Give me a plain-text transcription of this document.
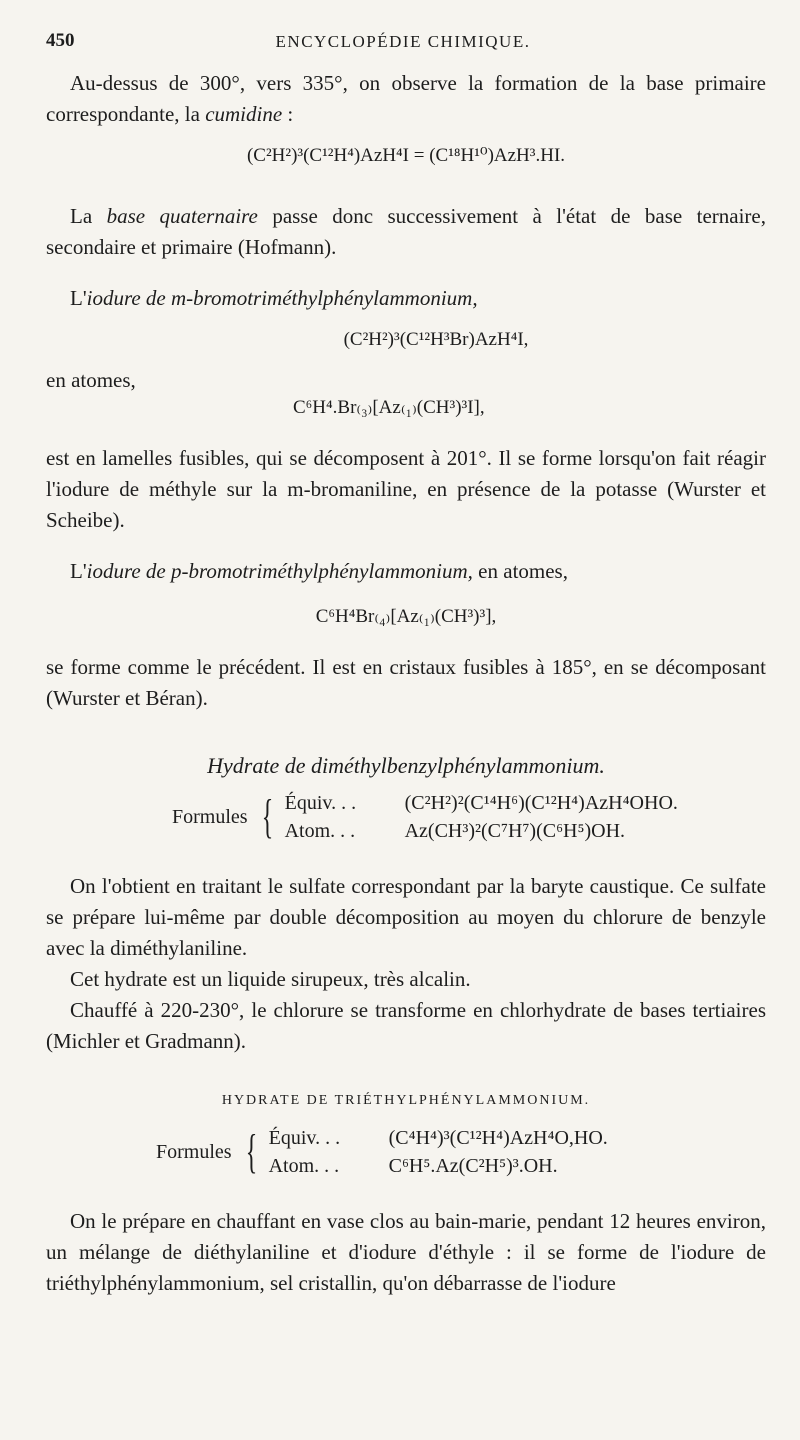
450	ENCYCLOPÉDIE CHIMIQUE.

Au-dessus de 300°, vers 335°, on observe la formation de la base primaire correspondante, la cumidine :

(C²H²)³(C¹²H⁴)AzH⁴I = (C¹⁸H¹⁰)AzH³.HI.

La base quaternaire passe donc successivement à l'état de base ternaire, secondaire et primaire (Hofmann).

L'iodure de m-bromotriméthylphénylammonium,

(C²H²)³(C¹²H³Br)AzH⁴I,

en atomes,

C⁶H⁴.Br₍₃₎[Az₍₁₎(CH³)³I],

est en lamelles fusibles, qui se décomposent à 201°. Il se forme lorsqu'on fait réagir l'iodure de méthyle sur la m-bromaniline, en présence de la potasse (Wurster et Scheibe).

L'iodure de p-bromotriméthylphénylammonium, en atomes,

C⁶H⁴Br₍₄₎[Az₍₁₎(CH³)³],

se forme comme le précédent. Il est en cristaux fusibles à 185°, en se décomposant (Wurster et Béran).

Hydrate de diméthylbenzylphénylammonium.
Formules { Équiv. . .	(C²H²)²(C¹⁴H⁶)(C¹²H⁴)AzH⁴OHO.
Atom. . .	Az(CH³)²(C⁷H⁷)(C⁶H⁵)OH.

On l'obtient en traitant le sulfate correspondant par la baryte caustique. Ce sulfate se prépare lui-même par double décomposition au moyen du chlorure de benzyle avec la diméthylaniline.

Cet hydrate est un liquide sirupeux, très alcalin.

Chauffé à 220-230°, le chlorure se transforme en chlorhydrate de bases tertiaires (Michler et Gradmann).

HYDRATE DE TRIÉTHYLPHÉNYLAMMONIUM.
Formules { Équiv. . .	(C⁴H⁴)³(C¹²H⁴)AzH⁴O,HO.
Atom. . .	C⁶H⁵.Az(C²H⁵)³.OH.

On le prépare en chauffant en vase clos au bain-marie, pendant 12 heures environ, un mélange de diéthylaniline et d'iodure d'éthyle : il se forme de l'iodure de triéthylphénylammonium, sel cristallin, qu'on débarrasse de l'iodure
